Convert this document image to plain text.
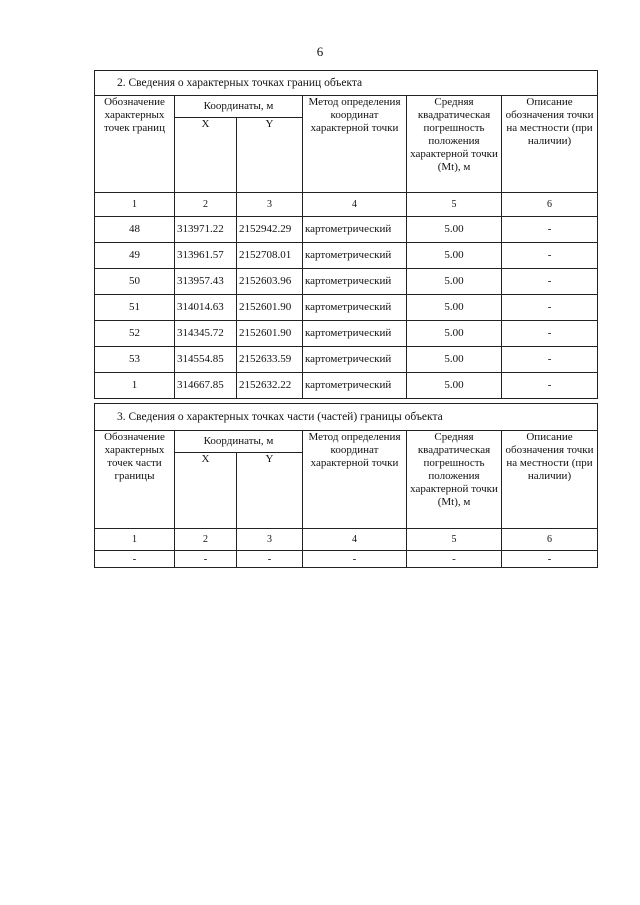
6
2. Сведения о характерных точках границ объекта					
Обозначение характерных точек границ	Координаты, м		Метод определения координат характерной точки	Средняя квадратическая погрешность положения характерной точки (Mt), м	Описание обозначения точки на местности (при наличии)
	X	Y			
1	2	3	4	5	6
48	313971.22	2152942.29	картометрический	5.00	-
49	313961.57	2152708.01	картометрический	5.00	-
50	313957.43	2152603.96	картометрический	5.00	-
51	314014.63	2152601.90	картометрический	5.00	-
52	314345.72	2152601.90	картометрический	5.00	-
53	314554.85	2152633.59	картометрический	5.00	-
1	314667.85	2152632.22	картометрический	5.00	-
3. Сведения о характерных точках части (частей) границы объекта					
Обозначение характерных точек части границы	Координаты, м		Метод определения координат характерной точки	Средняя квадратическая погрешность положения характерной точки (Mt), м	Описание обозначения точки на местности (при наличии)
	X	Y			
1	2	3	4	5	6
-	-	-	-	-	-
